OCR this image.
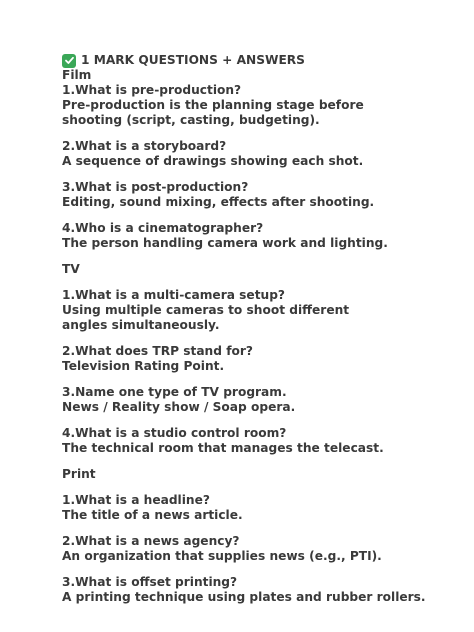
1 MARK QUESTIONS + ANSWERS
Film
1.What is pre-production?
Pre-production is the planning stage before shooting (script, casting, budgeting).
2.What is a storyboard?
A sequence of drawings showing each shot.
3.What is post-production?
Editing, sound mixing, effects after shooting.
4.Who is a cinematographer?
The person handling camera work and lighting.
TV
1.What is a multi-camera setup?
Using multiple cameras to shoot different angles simultaneously.
2.What does TRP stand for?
Television Rating Point.
3.Name one type of TV program.
News / Reality show / Soap opera.
4.What is a studio control room?
The technical room that manages the telecast.
Print
1.What is a headline?
The title of a news article.
2.What is a news agency?
An organization that supplies news (e.g., PTI).
3.What is offset printing?
A printing technique using plates and rubber rollers.
